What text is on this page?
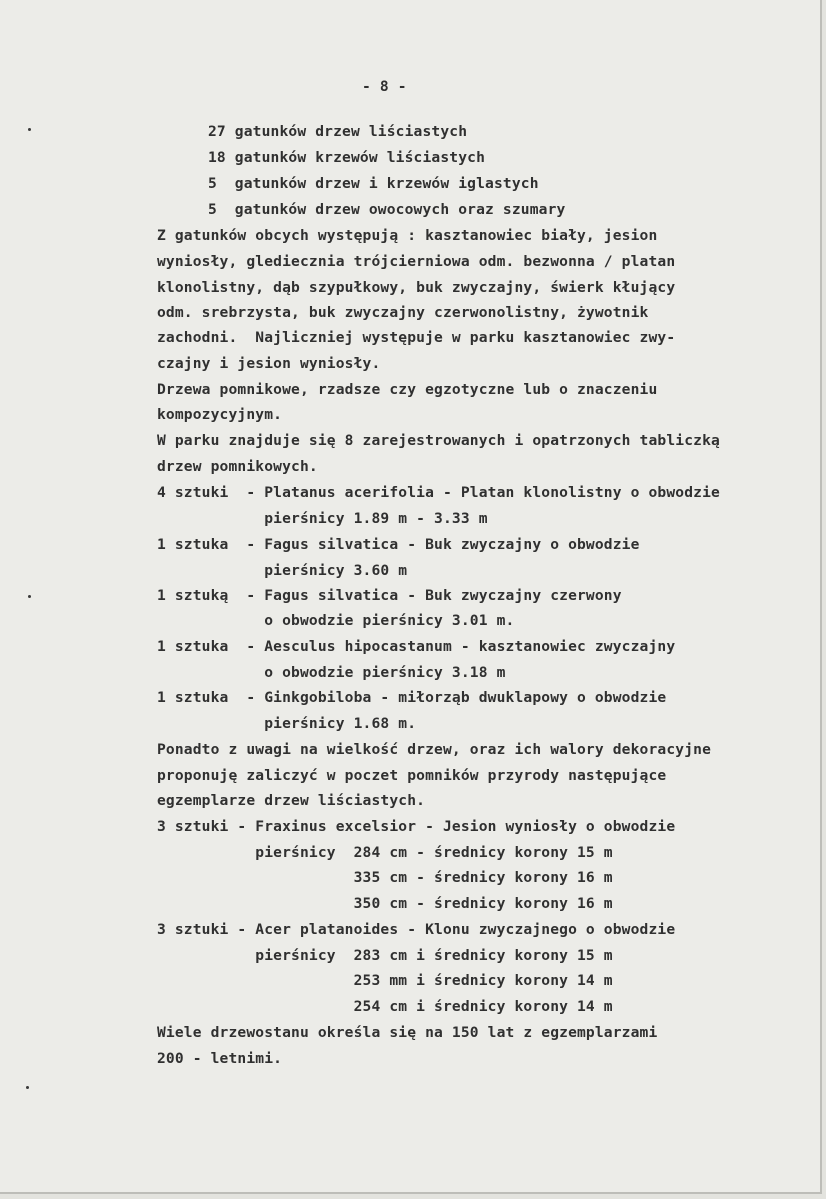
- 8 -
27 gatunków drzew liściastych
18 gatunków krzewów liściastych
5  gatunków drzew i krzewów iglastych
5  gatunków drzew owocowych oraz szumary
Z gatunków obcych występują : kasztanowiec biały, jesion
wyniosły, glediecznia trójcierniowa odm. bezwonna / platan
klonolistny, dąb szypułkowy, buk zwyczajny, świerk kłujący
odm. srebrzysta, buk zwyczajny czerwonolistny, żywotnik
zachodni.  Najliczniej występuje w parku kasztanowiec zwy-
czajny i jesion wyniosły.
Drzewa pomnikowe, rzadsze czy egzotyczne lub o znaczeniu
kompozycyjnym.
W parku znajduje się 8 zarejestrowanych i opatrzonych tabliczką
drzew pomnikowych.
4 sztuki  - Platanus acerifolia - Platan klonolistny o obwodzie
pierśnicy 1.89 m - 3.33 m
1 sztuka  - Fagus silvatica - Buk zwyczajny o obwodzie
pierśnicy 3.60 m
1 sztuką  - Fagus silvatica - Buk zwyczajny czerwony
o obwodzie pierśnicy 3.01 m.
1 sztuka  - Aesculus hipocastanum - kasztanowiec zwyczajny
o obwodzie pierśnicy 3.18 m
1 sztuka  - Ginkgobiloba - miłorząb dwuklapowy o obwodzie
pierśnicy 1.68 m.
Ponadto z uwagi na wielkość drzew, oraz ich walory dekoracyjne
proponuję zaliczyć w poczet pomników przyrody następujące
egzemplarze drzew liściastych.
3 sztuki - Fraxinus excelsior - Jesion wyniosły o obwodzie
pierśnicy  284 cm - średnicy korony 15 m
335 cm - średnicy korony 16 m
350 cm - średnicy korony 16 m
3 sztuki - Acer platanoides - Klonu zwyczajnego o obwodzie
pierśnicy  283 cm i średnicy korony 15 m
253 mm i średnicy korony 14 m
254 cm i średnicy korony 14 m
Wiele drzewostanu określa się na 150 lat z egzemplarzami
200 - letnimi.
